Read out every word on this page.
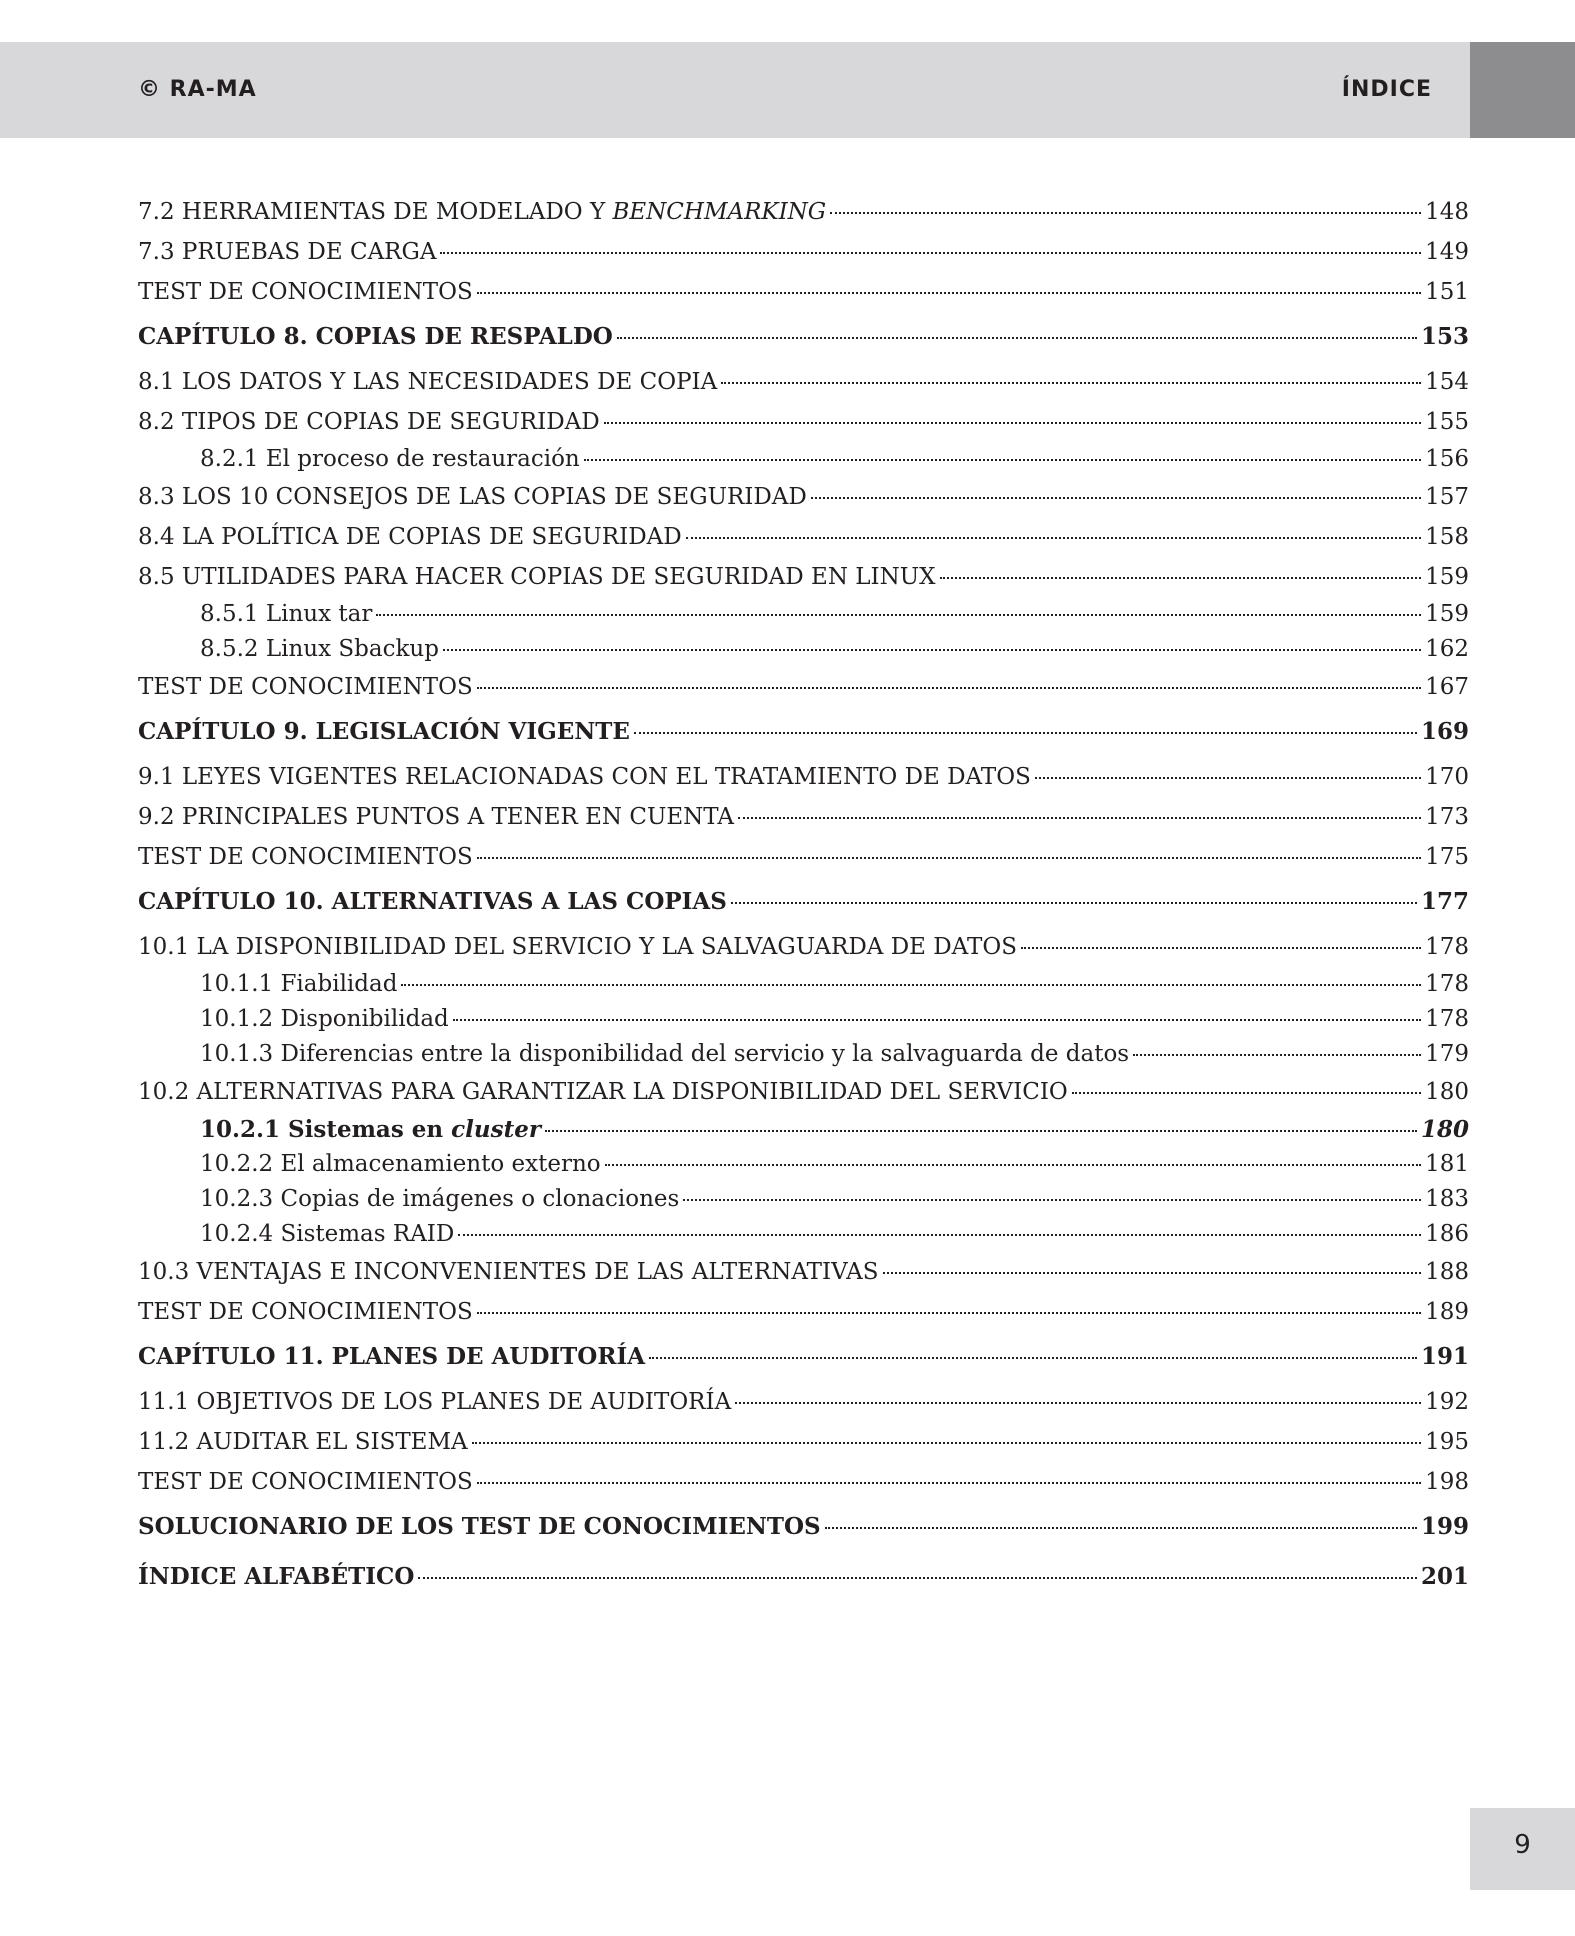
© RA-MA	ÍNDICE
7.2 HERRAMIENTAS DE MODELADO Y BENCHMARKING	148
7.3 PRUEBAS DE CARGA	149
TEST DE CONOCIMIENTOS	151
CAPÍTULO 8. COPIAS DE RESPALDO	153
8.1 LOS DATOS Y LAS NECESIDADES DE COPIA	154
8.2 TIPOS DE COPIAS DE SEGURIDAD	155
8.2.1 El proceso de restauración	156
8.3 LOS 10 CONSEJOS DE LAS COPIAS DE SEGURIDAD	157
8.4 LA POLÍTICA DE COPIAS DE SEGURIDAD	158
8.5 UTILIDADES PARA HACER COPIAS DE SEGURIDAD EN LINUX	159
8.5.1 Linux tar	159
8.5.2 Linux Sbackup	162
TEST DE CONOCIMIENTOS	167
CAPÍTULO 9. LEGISLACIÓN VIGENTE	169
9.1 LEYES VIGENTES RELACIONADAS CON EL TRATAMIENTO DE DATOS	170
9.2 PRINCIPALES PUNTOS A TENER EN CUENTA	173
TEST DE CONOCIMIENTOS	175
CAPÍTULO 10. ALTERNATIVAS A LAS COPIAS	177
10.1 LA DISPONIBILIDAD DEL SERVICIO Y LA SALVAGUARDA DE DATOS	178
10.1.1 Fiabilidad	178
10.1.2 Disponibilidad	178
10.1.3 Diferencias entre la disponibilidad del servicio y la salvaguarda de datos	179
10.2 ALTERNATIVAS PARA GARANTIZAR LA DISPONIBILIDAD DEL SERVICIO	180
10.2.1 Sistemas en cluster	180
10.2.2 El almacenamiento externo	181
10.2.3 Copias de imágenes o clonaciones	183
10.2.4 Sistemas RAID	186
10.3 VENTAJAS E INCONVENIENTES DE LAS ALTERNATIVAS	188
TEST DE CONOCIMIENTOS	189
CAPÍTULO 11. PLANES DE AUDITORÍA	191
11.1 OBJETIVOS DE LOS PLANES DE AUDITORÍA	192
11.2 AUDITAR EL SISTEMA	195
TEST DE CONOCIMIENTOS	198
SOLUCIONARIO DE LOS TEST DE CONOCIMIENTOS	199
ÍNDICE ALFABÉTICO	201
9
